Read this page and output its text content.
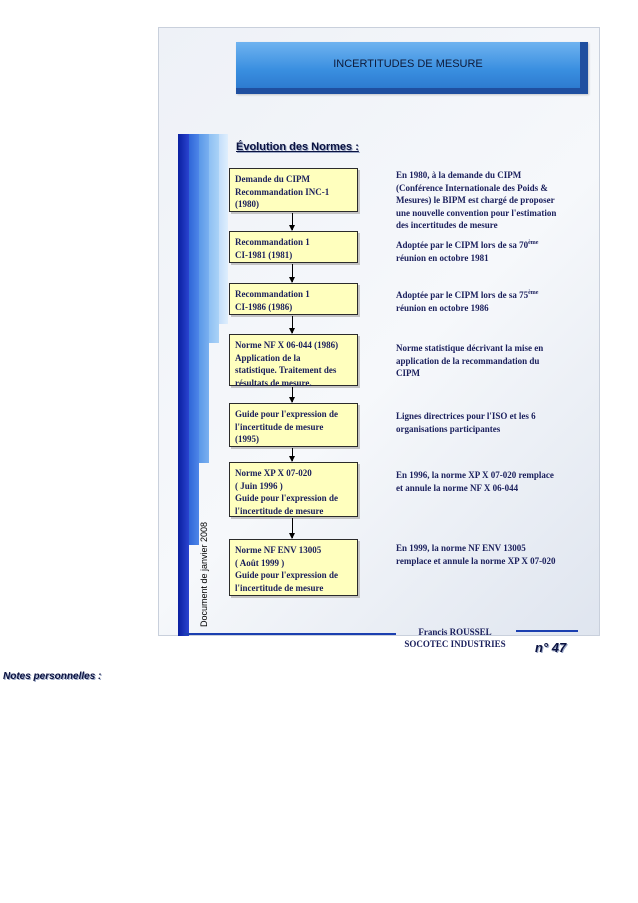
Document de janvier 2008
INCERTITUDES DE MESURE
Évolution des Normes :
Demande du CIPM
Recommandation INC-1
(1980)
Recommandation 1
CI-1981 (1981)
Recommandation 1
CI-1986 (1986)
Norme NF X 06-044 (1986)
Application de la
statistique. Traitement des
résultats de mesure.
Guide pour l'expression de
l'incertitude de mesure
(1995)
Norme XP X 07-020
( Juin 1996 )
Guide pour l'expression de
l'incertitude de mesure
Norme NF ENV 13005
( Août 1999 )
Guide pour l'expression de
l'incertitude de mesure
En 1980, à la demande du CIPM
(Conférence Internationale des Poids &
Mesures) le BIPM est chargé de proposer
une nouvelle convention pour l'estimation
des incertitudes de mesure
Adoptée par le CIPM lors de sa 70ème
réunion en octobre 1981
Adoptée par le CIPM lors de sa 75ème
réunion en octobre 1986
Norme statistique décrivant la mise en
application de la recommandation du
CIPM
Lignes directrices pour l'ISO et les 6
organisations participantes
En 1996, la norme XP X 07-020 remplace
et annule la norme NF X 06-044
En 1999, la norme NF ENV 13005
remplace et annule la norme XP X 07-020
Francis ROUSSEL
SOCOTEC INDUSTRIES	n° 47
Notes personnelles :
